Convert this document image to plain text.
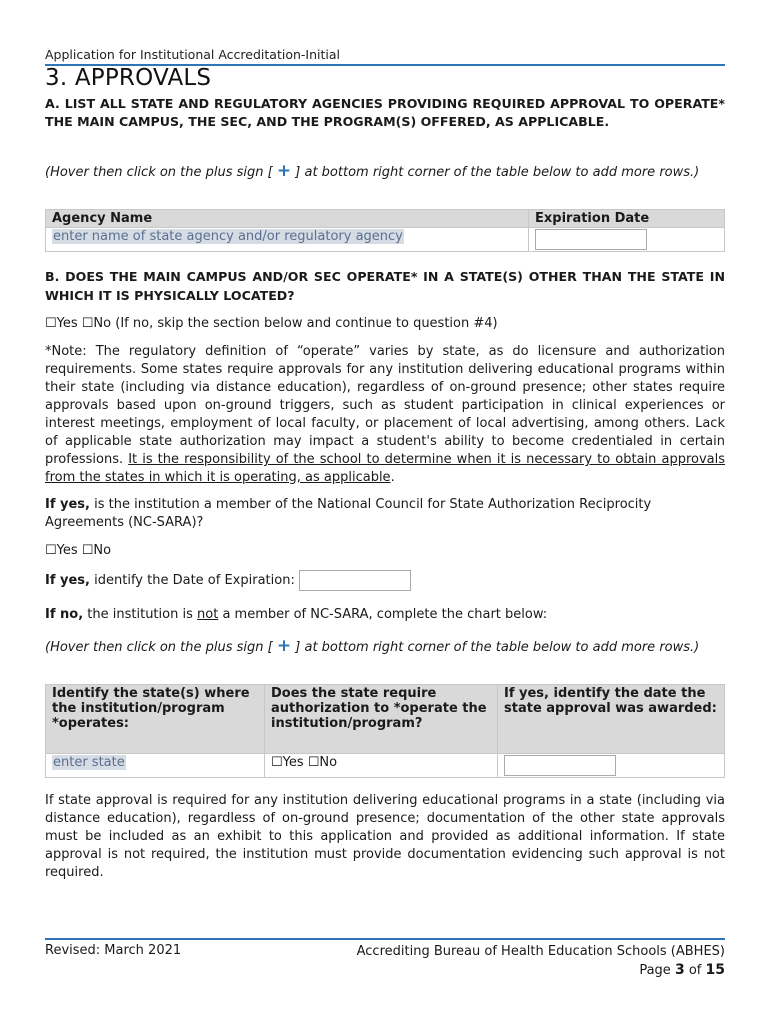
Application for Institutional Accreditation-Initial
3. APPROVALS
A. LIST ALL STATE AND REGULATORY AGENCIES PROVIDING REQUIRED APPROVAL TO OPERATE* THE MAIN CAMPUS, THE SEC, AND THE PROGRAM(S) OFFERED, AS APPLICABLE.
(Hover then click on the plus sign [ + ] at bottom right corner of the table below to add more rows.)
Agency Name	Expiration Date
enter name of state agency and/or regulatory agency	
B. DOES THE MAIN CAMPUS AND/OR SEC OPERATE* IN A STATE(S) OTHER THAN THE STATE IN WHICH IT IS PHYSICALLY LOCATED?
☐Yes ☐No (If no, skip the section below and continue to question #4)
*Note: The regulatory definition of “operate” varies by state, as do licensure and authorization requirements. Some states require approvals for any institution delivering educational programs within their state (including via distance education), regardless of on-ground presence; other states require approvals based upon on-ground triggers, such as student participation in clinical experiences or interest meetings, employment of local faculty, or placement of local advertising, among others. Lack of applicable state authorization may impact a student's ability to become credentialed in certain professions. It is the responsibility of the school to determine when it is necessary to obtain approvals from the states in which it is operating, as applicable.
If yes, is the institution a member of the National Council for State Authorization Reciprocity Agreements (NC-SARA)?
☐Yes ☐No
If yes, identify the Date of Expiration:
If no, the institution is not a member of NC-SARA, complete the chart below:
(Hover then click on the plus sign [ + ] at bottom right corner of the table below to add more rows.)
Identify the state(s) where the institution/program *operates:	Does the state require authorization to *operate the institution/program?	If yes, identify the date the state approval was awarded:
enter state	☐Yes ☐No	
If state approval is required for any institution delivering educational programs in a state (including via distance education), regardless of on-ground presence; documentation of the other state approvals must be included as an exhibit to this application and provided as additional information. If state approval is not required, the institution must provide documentation evidencing such approval is not required.
Revised: March 2021	Accrediting Bureau of Health Education Schools (ABHES)
Page 3 of 15
